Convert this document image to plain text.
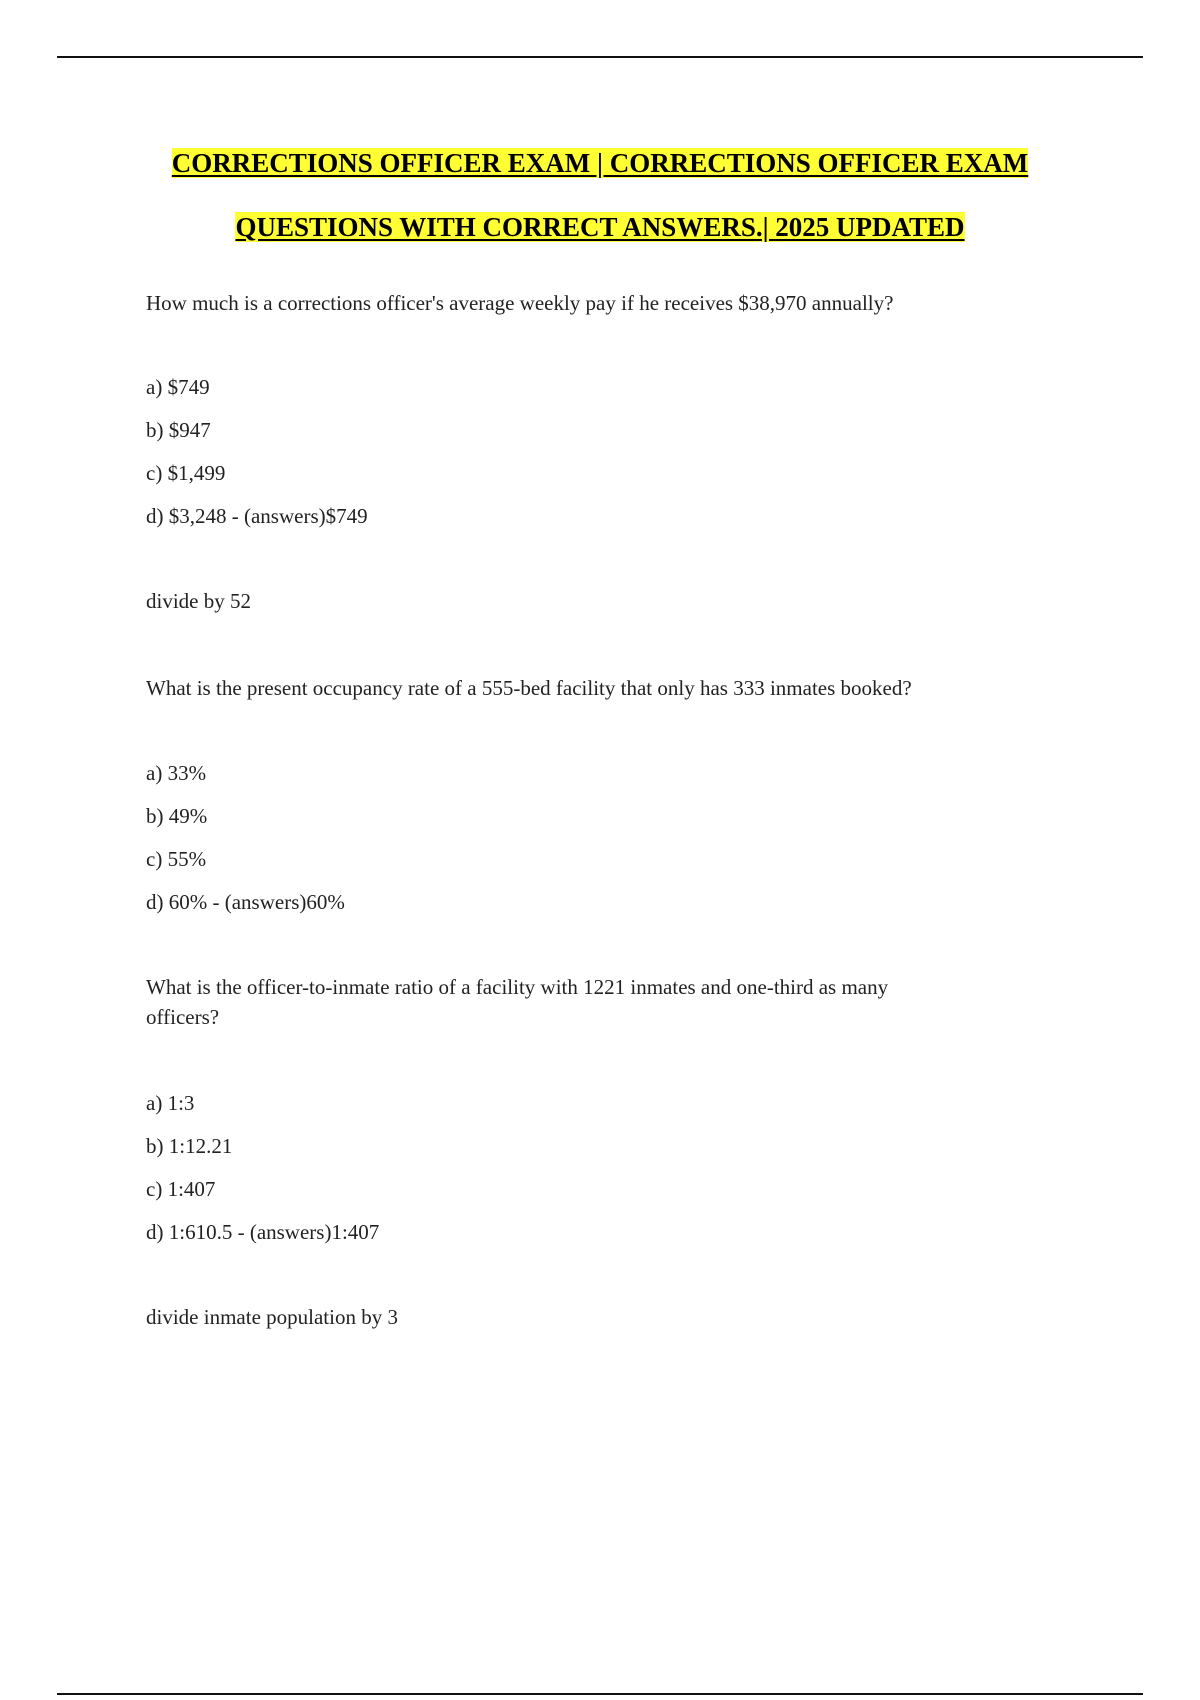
CORRECTIONS OFFICER EXAM | CORRECTIONS OFFICER EXAM
QUESTIONS WITH CORRECT ANSWERS.| 2025 UPDATED
How much is a corrections officer's average weekly pay if he receives $38,970 annually?
a) $749
b) $947
c) $1,499
d) $3,248 - (answers)$749
divide by 52
What is the present occupancy rate of a 555-bed facility that only has 333 inmates booked?
a) 33%
b) 49%
c) 55%
d) 60% - (answers)60%
What is the officer-to-inmate ratio of a facility with 1221 inmates and one-third as many
officers?
a) 1:3
b) 1:12.21
c) 1:407
d) 1:610.5 - (answers)1:407
divide inmate population by 3
